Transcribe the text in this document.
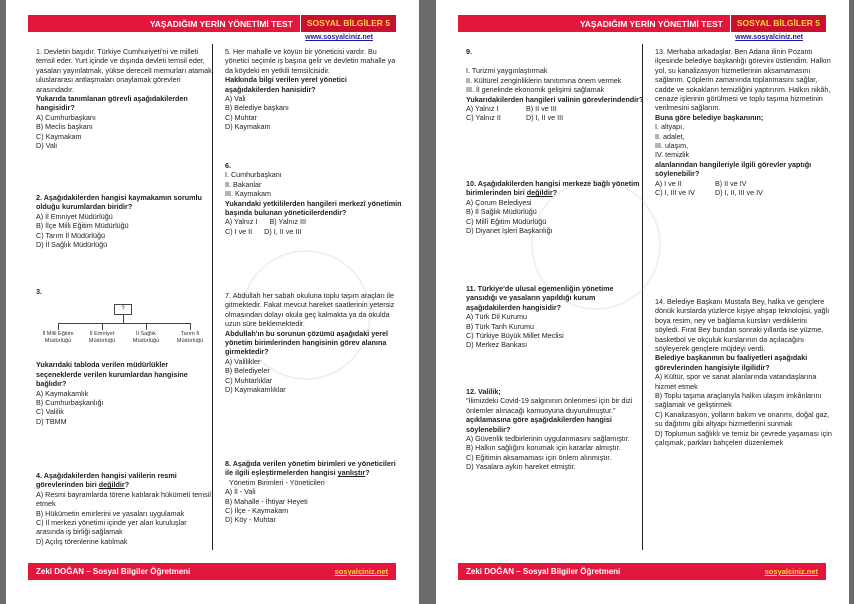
YAŞADIĞIM YERİN YÖNETİMİ TEST	SOSYAL BİLGİLER 5
www.sosyalciniz.net
1. Devletin başıdır. Türkiye Cumhuriyeti'ni ve milleti temsil eder. Yurt içinde ve dışında devleti temsil eder, yasaları yayınlatmak, yükse derecelI memurları atamak, uluslararası antlaşmaları onaylamak görevleri arasındadır.
Yukarıda tanımlanan görevli aşağıdakilerden hangisidir?
A) Cumhurbaşkanı
B) Meclis başkanı
C) Kaymakam
D) Vali
2. Aşağıdakilerden hangisi kaymakamın sorumlu olduğu kurumlardan biridir?
A) İl Emniyet Müdürlüğü
B) İlçe Milli Eğitim Müdürlüğü
C) Tarım İl Müdürlüğü
D) İl Sağlık Müdürlüğü
3.
?
İl Milli Eğitim Müdürlüğü
İl Emniyet Müdürlüğü
İl Sağlık Müdürlüğü
Tarım İl Müdürlüğü
Yukarıdaki tabloda verilen müdürlükler seçeneklerde verilen kurumlardan hangisine bağlıdır?
A) Kaymakamlık
B) Cumhurbaşkanlığı
C) Valilik
D) TBMM
4. Aşağıdakilerden hangisi valilerin resmi görevlerinden biri değildir?
A) Resmi bayramlarda törene katılarak hükümeti temsil etmek
B) Hükümetin emirlerini ve yasaları uygulamak
C) İl merkezi yönetimi içinde yer alan kuruluşlar arasında iş birliği sağlamak
D) Açılış törenlerine katılmak
5. Her mahalle ve köyün bir yöneticisi vardır. Bu yönetici seçimle iş başına gelir ve devletin mahalle ya da köydeki en yetkili temsilcisidir.
Hakkında bilgi verilen yerel yönetici aşağıdakilerden hanisidir?
A) Vali
B) Belediye başkanı
C) Muhtar
D) Kaymakam
6.
I. Cumhurbaşkanı
II. Bakanlar
III. Kaymakam
Yukarıdaki yetkililerden hangileri merkezî yönetimin başında bulunan yöneticilerdendir?
A) Yalnız I B) Yalnız III
C) I ve II D) I, II ve III
7. Abdullah her sabah okuluna toplu taşım araçları ile gitmektedir. Fakat mevcut hareket saatlerinin yetersiz olmasından dolayı okula geç kalmakta ya da okulda uzun süre beklemektedir.
Abdullah'ın bu sorunun çözümü aşağıdaki yerel yönetim birimlerinden hangisinin görev alanına girmektedir?
A) Valilikler
B) Belediyeler
C) Muhtarlıklar
D) Kaymakamlıklar
8. Aşağıda verilen yönetim birimleri ve yöneticileri ile ilgili eşleştirmelerden hangisi yanlıştır?
Yönetim Birimleri - Yöneticileri
A) İl - Vali
B) Mahalle - İhtiyar Heyeti
C) İlçe - Kaymakam
D) Köy - Muhtar
Zeki DOĞAN – Sosyal Bilgiler Öğretmeni	sosyalciniz.net
YAŞADIĞIM YERİN YÖNETİMİ TEST	SOSYAL BİLGİLER 5
www.sosyalciniz.net
9.
I. Turizmi yaygınlaştırmak
II. Kültürel zenginliklerin tanıtımına önem vermek
III. İl genelinde ekonomik gelişimi sağlamak
Yukarıdakilerden hangileri valinin görevlerindendir?
A) Yalnız I	B) II ve III
C) Yalnız II	D) I, II ve III
10. Aşağıdakilerden hangisi merkeze bağlı yönetim birimlerinden biri değildir?
A) Çorum Belediyesi
B) İl Sağlık Müdürlüğü
C) Millî Eğitim Müdürlüğü
D) Diyanet İşleri Başkanlığı
11. Türkiye'de ulusal egemenliğin yönetime yansıdığı ve yasaların yapıldığı kurum aşağıdakilerden hangisidir?
A) Türk Dil Kurumu
B) Türk Tarih Kurumu
C) Türkiye Büyük Millet Meclisi
D) Merkez Bankası
12. Valilik;
"İlimizdeki Covid-19 salgınının önlenmesi için bir dizi önlemler alınacağı kamuoyuna duyurulmuştur."
açıklamasına göre aşağıdakilerden hangisi söylenebilir?
A) Güvenlik tedbirlerinin uygulanmasını sağlamıştır.
B) Halkın sağlığını korumak için kararlar almıştır.
C) Eğitimin aksamaması için önlem alınmıştır.
D) Yasalara aykırı hareket etmiştir.
13. Merhaba arkadaşlar. Ben Adana ilinin Pozantı ilçesinde belediye başkanlığı görevini üstlendim. Halkın yol, su kanalizasyon hizmetlerinin aksamamasını sağlarım. Çöplerin zamanında toplanmasını sağlar, cadde ve sokakların temizliğini yaptırırım. Halkın nikâh, cenaze işlerinin görülmesi ve toplu taşıma hizmetinin verilmesini sağlarım.
Buna göre belediye başkanının;
I. altyapı,
II. adalet,
III. ulaşım,
IV. temizlik
alanlarından hangileriyle ilgili görevler yaptığı söylenebilir?
A) I ve II	B) II ve IV
C) I, III ve IV	D) I, II, III ve IV
14. Belediye Başkanı Mustafa Bey, halka ve gençlere dönük kurslarda yüzlerce kişiye ahşap teknolojisi, yağlı boya resim, ney ve bağlama kursları verdiklerini söyledi. Fırat Bey bundan sonraki yıllarda ise yüzme, basketbol ve okçuluk kurslarının da açılacağını söyleyerek gençlere müjdeyi verdi.
Belediye başkanının bu faaliyetleri aşağıdaki görevlerinden hangisiyle ilgilidir?
A) Kültür, spor ve sanat alanlarında vatandaşlarına hizmet etmek
B) Toplu taşıma araçlarıyla halkın ulaşım imkânlarını sağlamak ve geliştirmek
C) Kanalizasyon, yolların bakım ve onarımı, doğal gaz, su dağıtımı gibi altyapı hizmetlerini sunmak
D) Toplumun sağlıklı ve temiz bir çevrede yaşaması için çalışmak, parkları bahçeleri düzenlemek
Zeki DOĞAN – Sosyal Bilgiler Öğretmeni	sosyalciniz.net
